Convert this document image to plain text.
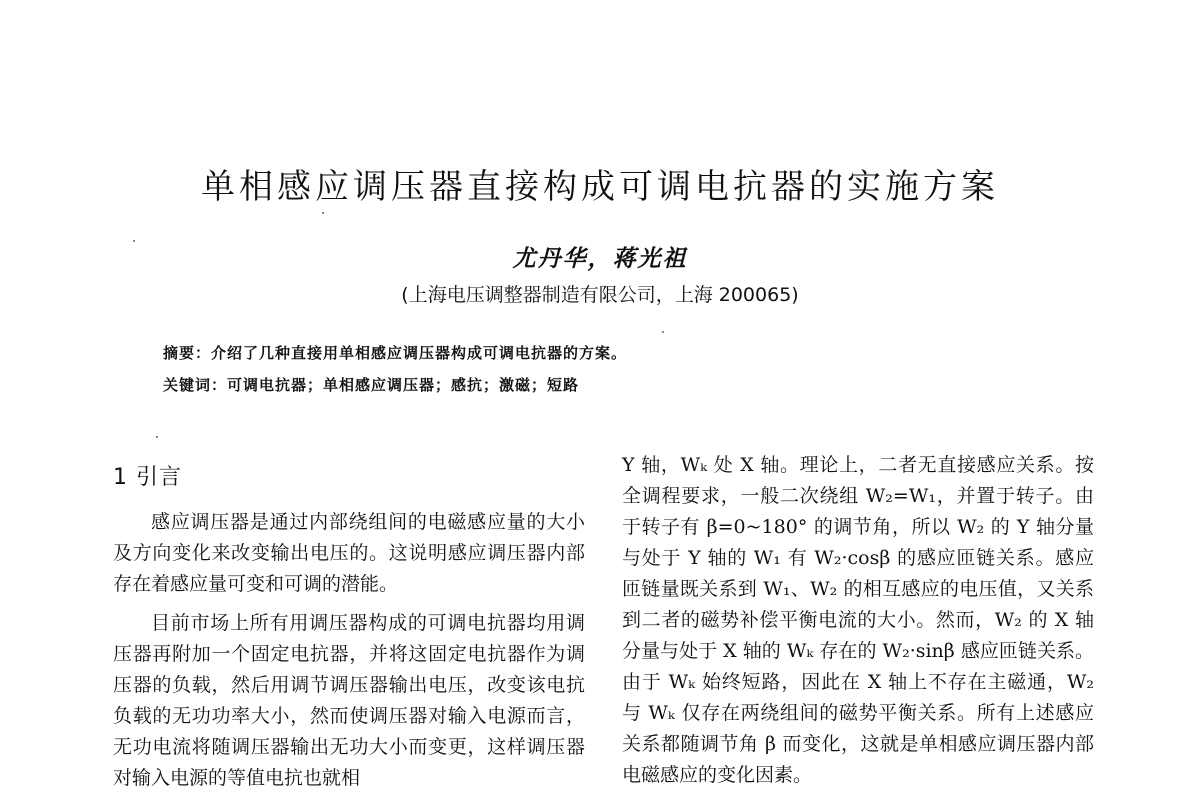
单相感应调压器直接构成可调电抗器的实施方案
尤丹华，蒋光祖
(上海电压调整器制造有限公司，上海 200065)
摘要：介绍了几种直接用单相感应调压器构成可调电抗器的方案。
关键词：可调电抗器；单相感应调压器；感抗；激磁；短路
1 引言

感应调压器是通过内部绕组间的电磁感应量的大小及方向变化来改变输出电压的。这说明感应调压器内部存在着感应量可变和可调的潜能。

目前市场上所有用调压器构成的可调电抗器均用调压器再附加一个固定电抗器，并将这固定电抗器作为调压器的负载，然后用调节调压器输出电压，改变该电抗负载的无功功率大小，然而使调压器对输入电源而言，无功电流将随调压器输出无功大小而变更，这样调压器对输入电源的等值电抗也就相

Y 轴，Wₖ 处 X 轴。理论上，二者无直接感应关系。按全调程要求，一般二次绕组 W₂=W₁，并置于转子。由于转子有 β=0~180° 的调节角，所以 W₂ 的 Y 轴分量与处于 Y 轴的 W₁ 有 W₂·cosβ 的感应匝链关系。感应匝链量既关系到 W₁、W₂ 的相互感应的电压值，又关系到二者的磁势补偿平衡电流的大小。然而，W₂ 的 X 轴分量与处于 X 轴的 Wₖ 存在的 W₂·sinβ 感应匝链关系。由于 Wₖ 始终短路，因此在 X 轴上不存在主磁通，W₂ 与 Wₖ 仅存在两绕组间的磁势平衡关系。所有上述感应关系都随调节角 β 而变化，这就是单相感应调压器内部电磁感应的变化因素。
